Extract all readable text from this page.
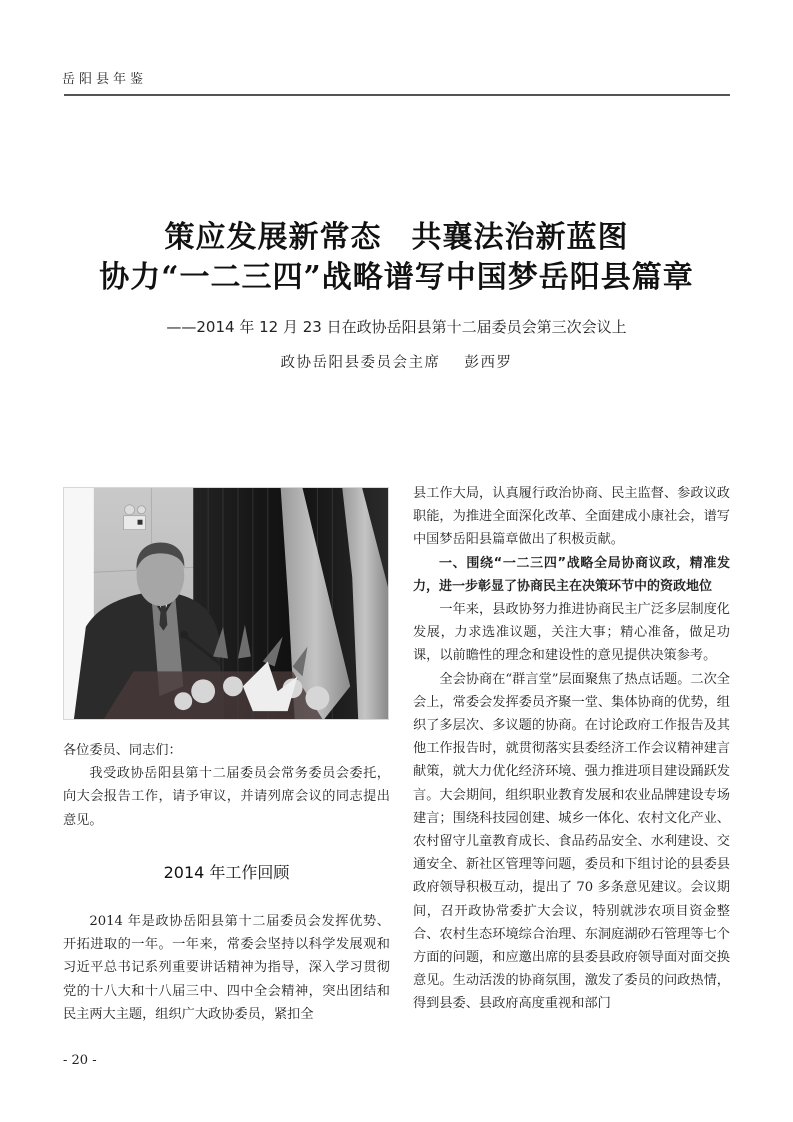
岳阳县年鉴
策应发展新常态 共襄法治新蓝图
协力“一二三四”战略谱写中国梦岳阳县篇章
——2014 年 12 月 23 日在政协岳阳县第十二届委员会第三次会议上
政协岳阳县委员会主席 彭西罗

各位委员、同志们：

我受政协岳阳县第十二届委员会常务委员会委托，向大会报告工作，请予审议，并请列席会议的同志提出意见。

2014 年工作回顾

2014 年是政协岳阳县第十二届委员会发挥优势、开拓进取的一年。一年来，常委会坚持以科学发展观和习近平总书记系列重要讲话精神为指导，深入学习贯彻党的十八大和十八届三中、四中全会精神，突出团结和民主两大主题，组织广大政协委员，紧扣全

县工作大局，认真履行政治协商、民主监督、参政议政职能，为推进全面深化改革、全面建成小康社会，谱写中国梦岳阳县篇章做出了积极贡献。

一、围绕“一二三四”战略全局协商议政，精准发力，进一步彰显了协商民主在决策环节中的资政地位

一年来，县政协努力推进协商民主广泛多层制度化发展，力求选准议题，关注大事；精心准备，做足功课，以前瞻性的理念和建设性的意见提供决策参考。

全会协商在“群言堂”层面聚焦了热点话题。二次全会上，常委会发挥委员齐聚一堂、集体协商的优势，组织了多层次、多议题的协商。在讨论政府工作报告及其他工作报告时，就贯彻落实县委经济工作会议精神建言献策，就大力优化经济环境、强力推进项目建设踊跃发言。大会期间，组织职业教育发展和农业品牌建设专场建言；围绕科技园创建、城乡一体化、农村文化产业、农村留守儿童教育成长、食品药品安全、水利建设、交通安全、新社区管理等问题，委员和下组讨论的县委县政府领导积极互动，提出了 70 多条意见建议。会议期间，召开政协常委扩大会议，特别就涉农项目资金整合、农村生态环境综合治理、东洞庭湖砂石管理等七个方面的问题，和应邀出席的县委县政府领导面对面交换意见。生动活泼的协商氛围，激发了委员的问政热情，得到县委、县政府高度重视和部门

- 20 -
